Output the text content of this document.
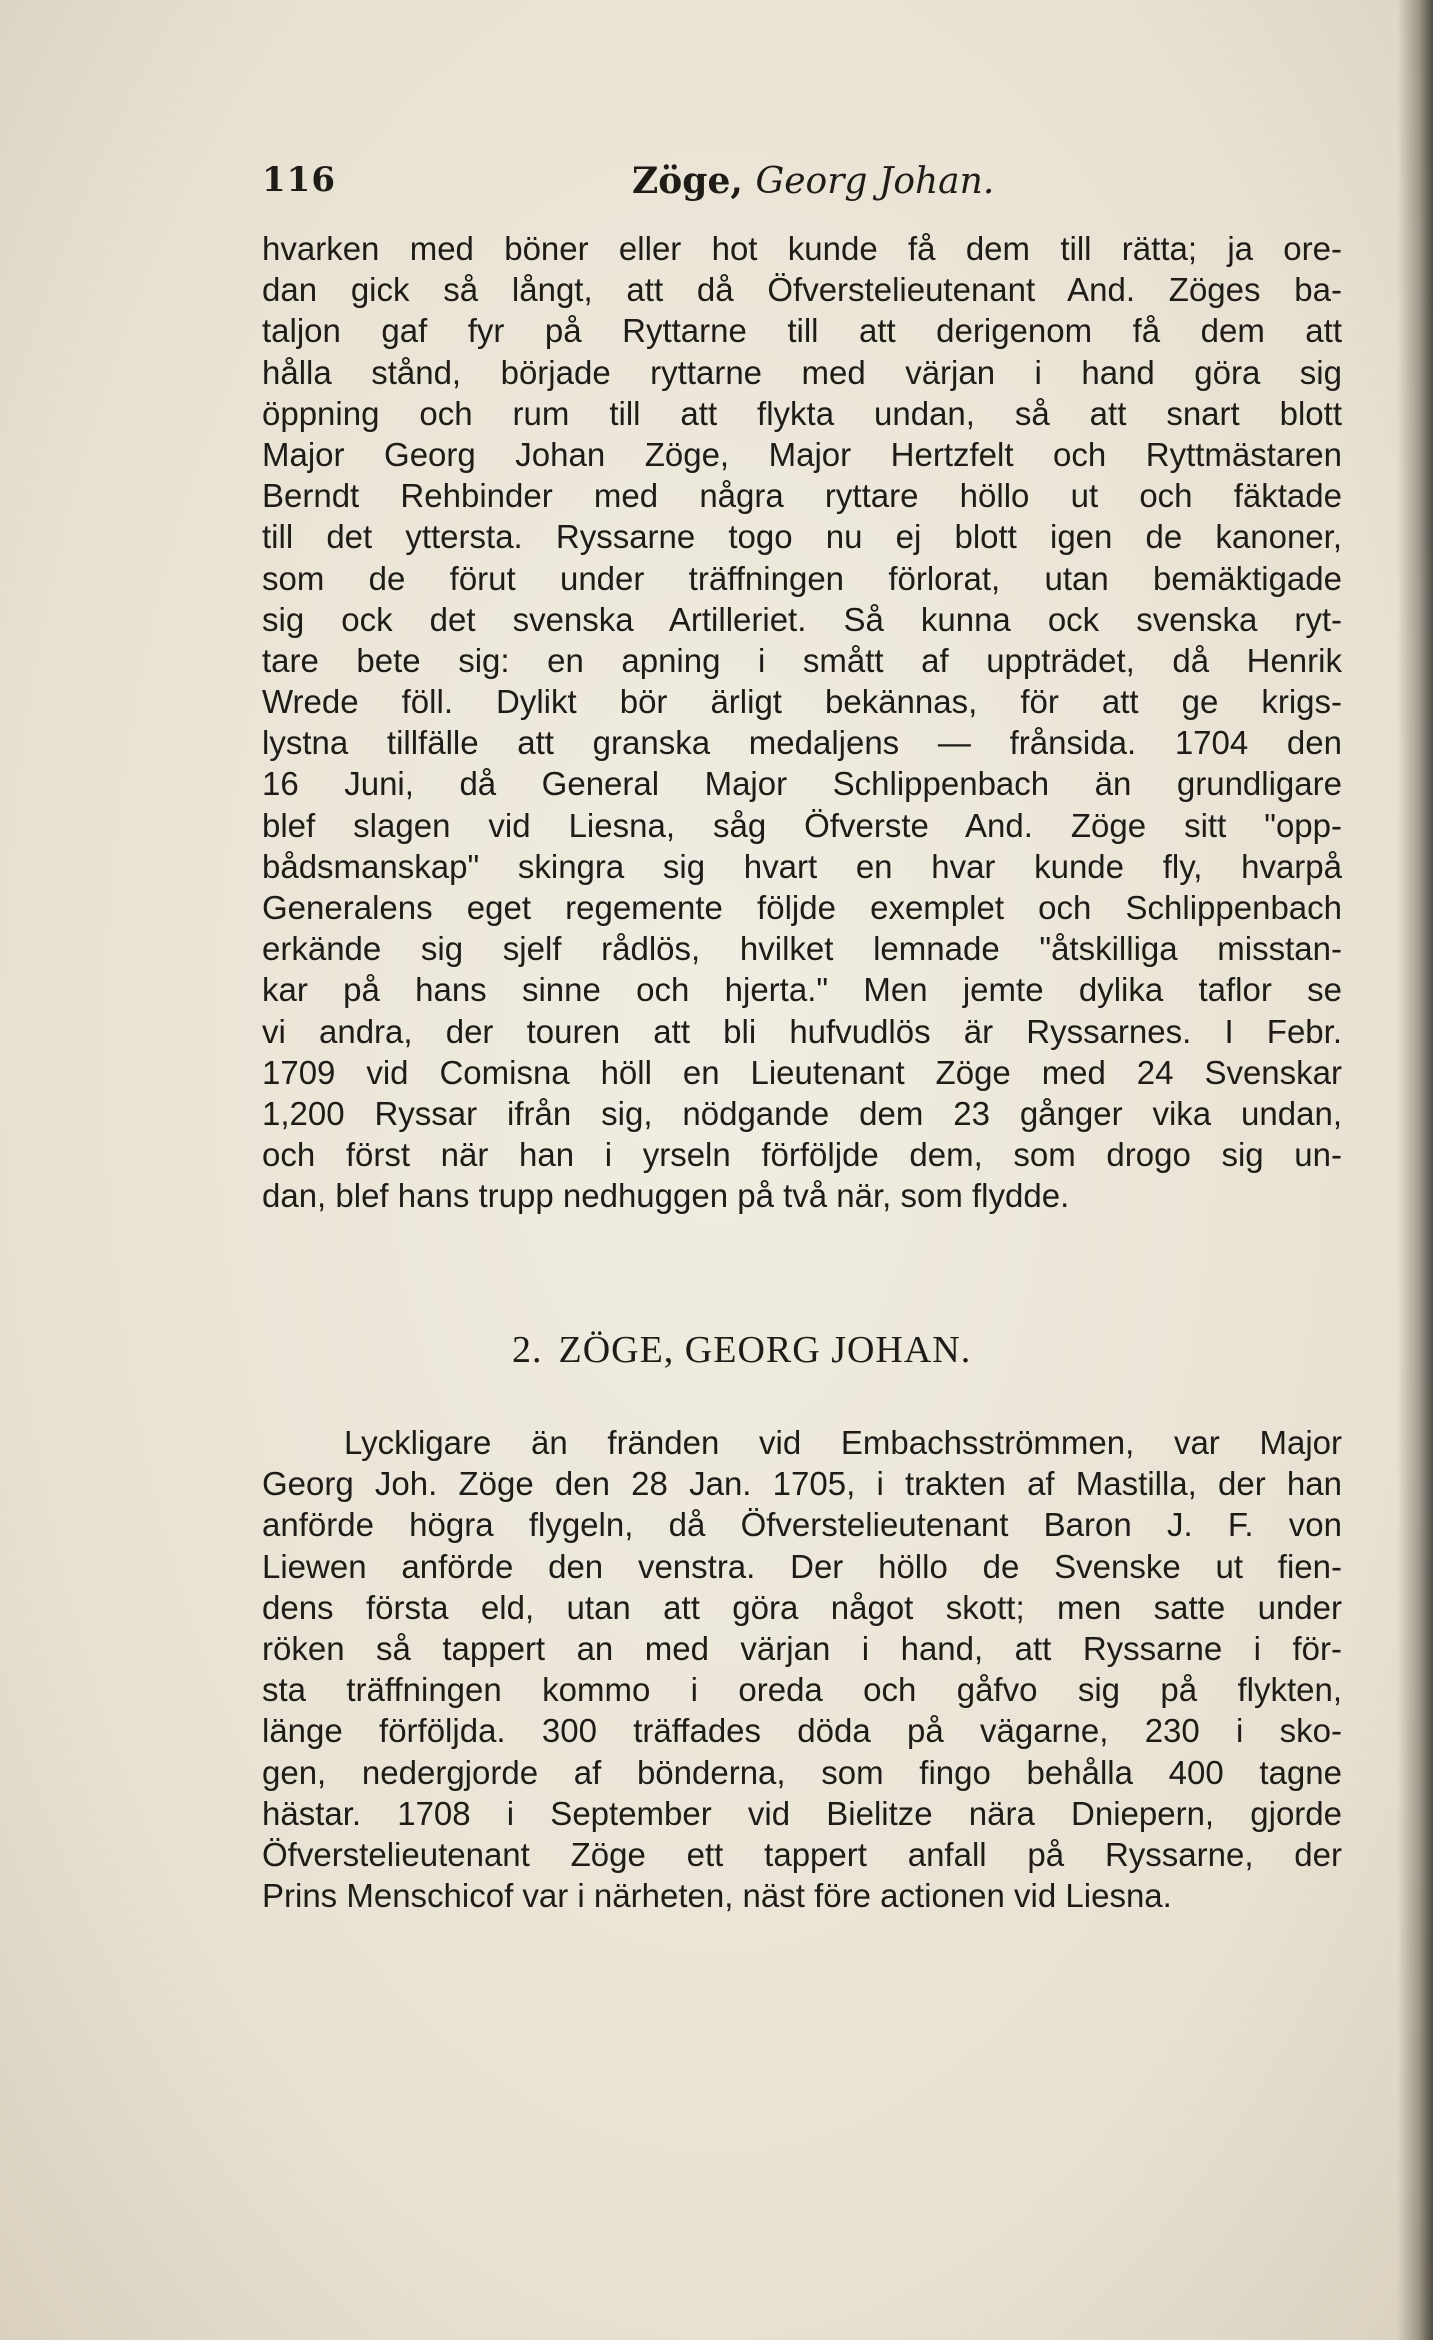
116	Zöge, Georg Johan.
hvarken med böner eller hot kunde få dem till rätta; ja ore-
dan gick så långt, att då Öfverstelieutenant And. Zöges ba-
taljon gaf fyr på Ryttarne till att derigenom få dem att
hålla stånd, började ryttarne med värjan i hand göra sig
öppning och rum till att flykta undan, så att snart blott
Major Georg Johan Zöge, Major Hertzfelt och Ryttmästaren
Berndt Rehbinder med några ryttare höllo ut och fäktade
till det yttersta. Ryssarne togo nu ej blott igen de kanoner,
som de förut under träffningen förlorat, utan bemäktigade
sig ock det svenska Artilleriet. Så kunna ock svenska ryt-
tare bete sig: en apning i smått af uppträdet, då Henrik
Wrede föll. Dylikt bör ärligt bekännas, för att ge krigs-
lystna tillfälle att granska medaljens — frånsida. 1704 den
16 Juni, då General Major Schlippenbach än grundligare
blef slagen vid Liesna, såg Öfverste And. Zöge sitt "opp-
bådsmanskap" skingra sig hvart en hvar kunde fly, hvarpå
Generalens eget regemente följde exemplet och Schlippenbach
erkände sig sjelf rådlös, hvilket lemnade "åtskilliga misstan-
kar på hans sinne och hjerta." Men jemte dylika taflor se
vi andra, der touren att bli hufvudlös är Ryssarnes. I Febr.
1709 vid Comisna höll en Lieutenant Zöge med 24 Svenskar
1,200 Ryssar ifrån sig, nödgande dem 23 gånger vika undan,
och först när han i yrseln förföljde dem, som drogo sig un-
dan, blef hans trupp nedhuggen på två när, som flydde.
2. ZÖGE, GEORG JOHAN.
Lyckligare än fränden vid Embachsströmmen, var Major
Georg Joh. Zöge den 28 Jan. 1705, i trakten af Mastilla, der han
anförde högra flygeln, då Öfverstelieutenant Baron J. F. von
Liewen anförde den venstra. Der höllo de Svenske ut fien-
dens första eld, utan att göra något skott; men satte under
röken så tappert an med värjan i hand, att Ryssarne i för-
sta träffningen kommo i oreda och gåfvo sig på flykten,
länge förföljda. 300 träffades döda på vägarne, 230 i sko-
gen, nedergjorde af bönderna, som fingo behålla 400 tagne
hästar. 1708 i September vid Bielitze nära Dniepern, gjorde
Öfverstelieutenant Zöge ett tappert anfall på Ryssarne, der
Prins Menschicof var i närheten, näst före actionen vid Liesna.
